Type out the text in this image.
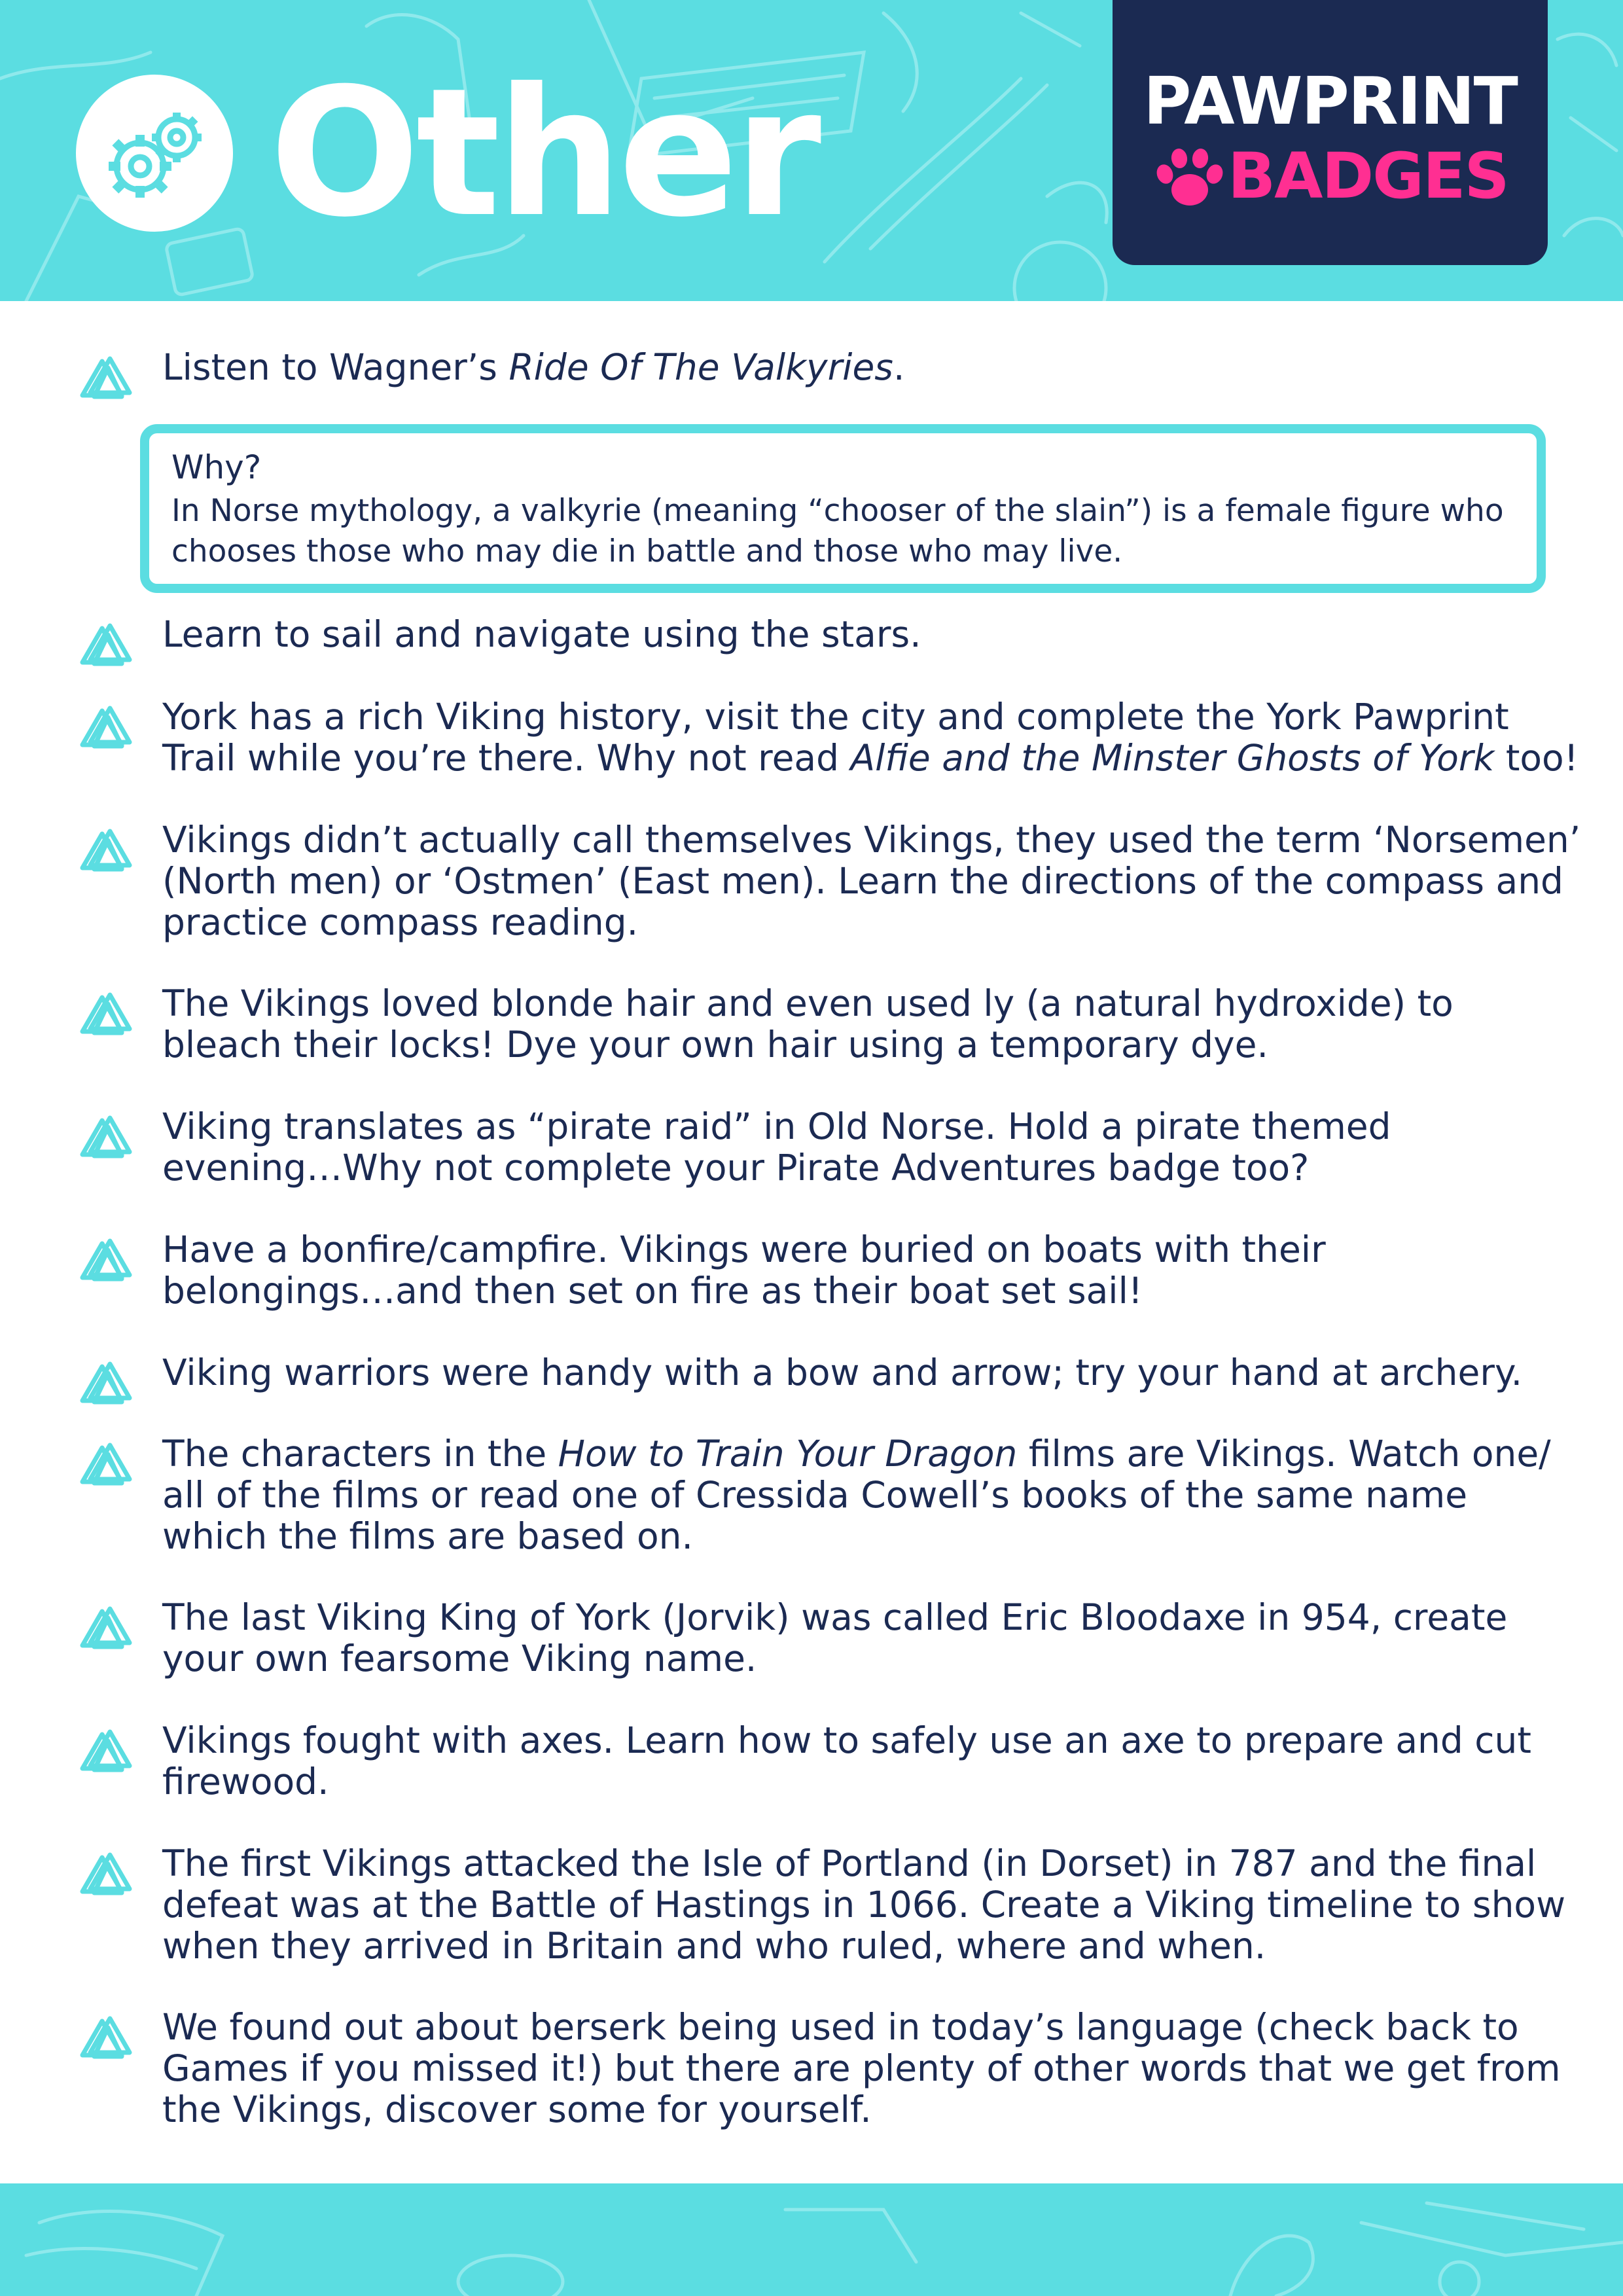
Other	PAWPRINT
BADGES
Listen to Wagner’s Ride Of The Valkyries.
Why?
In Norse mythology, a valkyrie (meaning “chooser of the slain”) is a female figure who
chooses those who may die in battle and those who may live.
Learn to sail and navigate using the stars.
York has a rich Viking history, visit the city and complete the York Pawprint
Trail while you’re there. Why not read Alfie and the Minster Ghosts of York too!
Vikings didn’t actually call themselves Vikings, they used the term ‘Norsemen’
(North men) or ‘Ostmen’ (East men). Learn the directions of the compass and
practice compass reading.
The Vikings loved blonde hair and even used ly (a natural hydroxide) to
bleach their locks! Dye your own hair using a temporary dye.
Viking translates as “pirate raid” in Old Norse. Hold a pirate themed
evening…Why not complete your Pirate Adventures badge too?
Have a bonfire/campfire. Vikings were buried on boats with their
belongings…and then set on fire as their boat set sail!
Viking warriors were handy with a bow and arrow; try your hand at archery.
The characters in the How to Train Your Dragon films are Vikings. Watch one/
all of the films or read one of Cressida Cowell’s books of the same name
which the films are based on.
The last Viking King of York (Jorvik) was called Eric Bloodaxe in 954, create
your own fearsome Viking name.
Vikings fought with axes. Learn how to safely use an axe to prepare and cut
firewood.
The first Vikings attacked the Isle of Portland (in Dorset) in 787 and the final
defeat was at the Battle of Hastings in 1066. Create a Viking timeline to show
when they arrived in Britain and who ruled, where and when.
We found out about berserk being used in today’s language (check back to
Games if you missed it!) but there are plenty of other words that we get from
the Vikings, discover some for yourself.
